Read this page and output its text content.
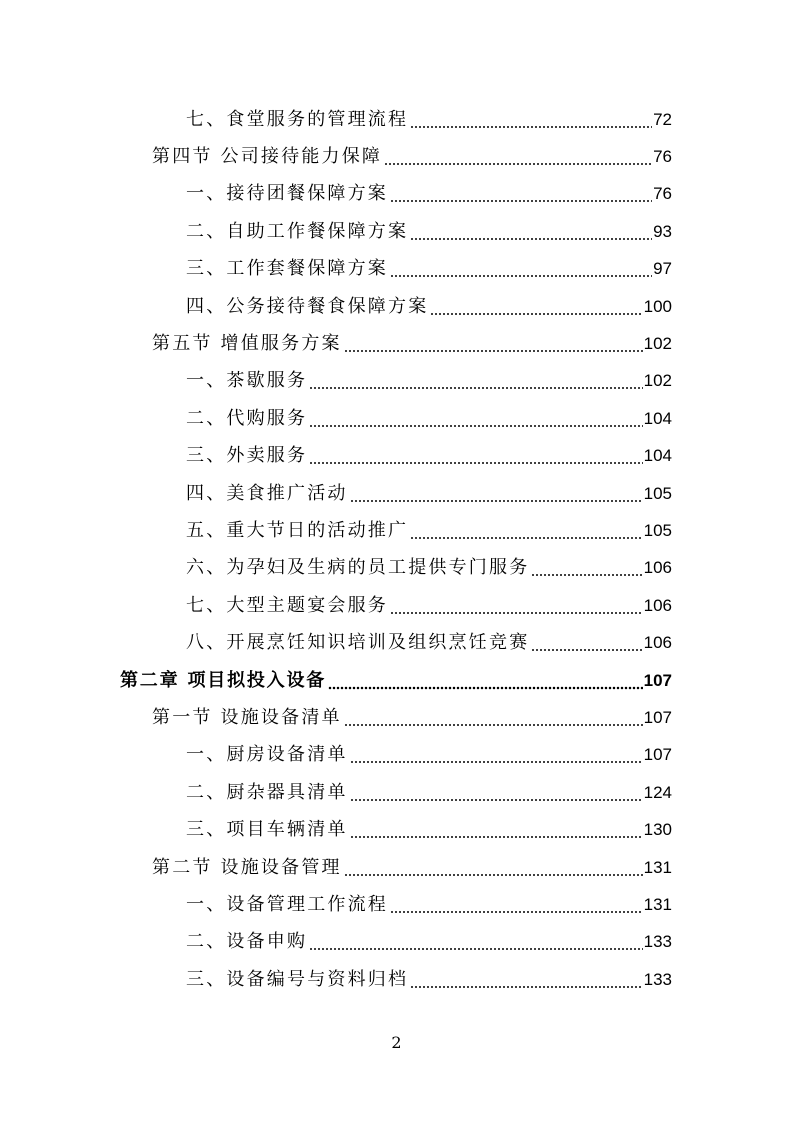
七、食堂服务的管理流程	72
第四节 公司接待能力保障	76
一、接待团餐保障方案	76
二、自助工作餐保障方案	93
三、工作套餐保障方案	97
四、公务接待餐食保障方案	100
第五节 增值服务方案	102
一、茶歇服务	102
二、代购服务	104
三、外卖服务	104
四、美食推广活动	105
五、重大节日的活动推广	105
六、为孕妇及生病的员工提供专门服务	106
七、大型主题宴会服务	106
八、开展烹饪知识培训及组织烹饪竞赛	106
第二章 项目拟投入设备	107
第一节 设施设备清单	107
一、厨房设备清单	107
二、厨杂器具清单	124
三、项目车辆清单	130
第二节 设施设备管理	131
一、设备管理工作流程	131
二、设备申购	133
三、设备编号与资料归档	133
2
